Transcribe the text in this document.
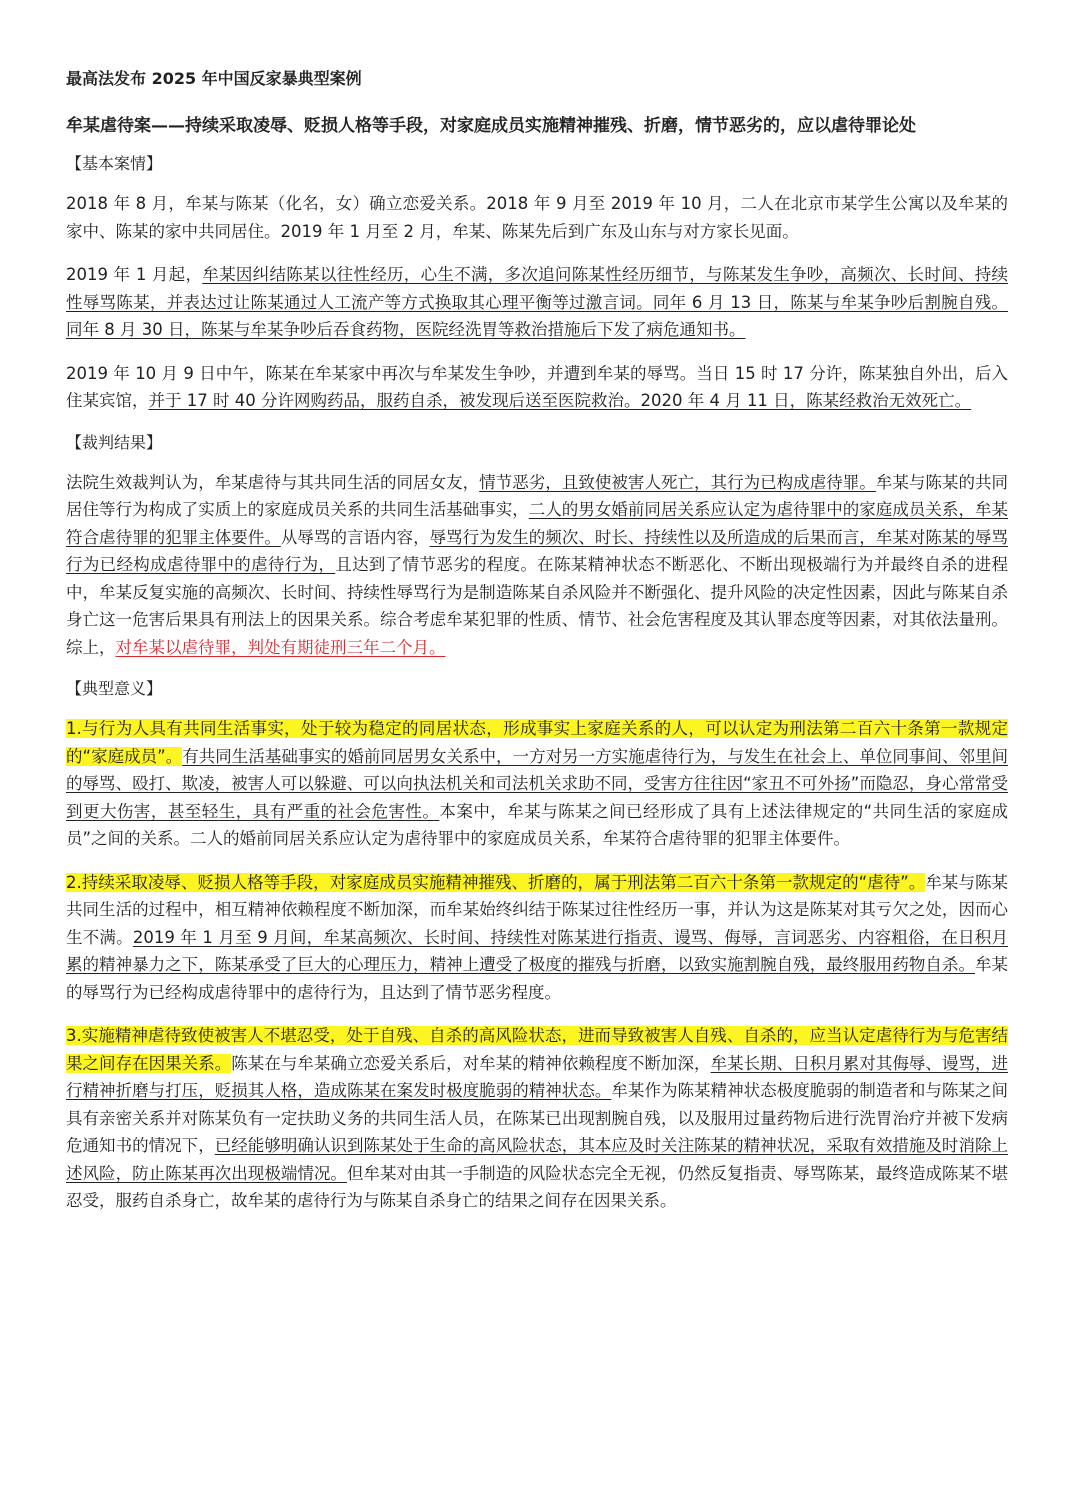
最高法发布 2025 年中国反家暴典型案例
牟某虐待案——持续采取凌辱、贬损人格等手段，对家庭成员实施精神摧残、折磨，情节恶劣的，应以虐待罪论处
【基本案情】

2018 年 8 月，牟某与陈某（化名，女）确立恋爱关系。2018 年 9 月至 2019 年 10 月，二人在北京市某学生公寓以及牟某的家中、陈某的家中共同居住。2019 年 1 月至 2 月，牟某、陈某先后到广东及山东与对方家长见面。

2019 年 1 月起，牟某因纠结陈某以往性经历，心生不满，多次追问陈某性经历细节，与陈某发生争吵，高频次、长时间、持续性辱骂陈某，并表达过让陈某通过人工流产等方式换取其心理平衡等过激言词。同年 6 月 13 日，陈某与牟某争吵后割腕自残。同年 8 月 30 日，陈某与牟某争吵后吞食药物，医院经洗胃等救治措施后下发了病危通知书。

2019 年 10 月 9 日中午，陈某在牟某家中再次与牟某发生争吵，并遭到牟某的辱骂。当日 15 时 17 分许，陈某独自外出，后入住某宾馆，并于 17 时 40 分许网购药品，服药自杀，被发现后送至医院救治。2020 年 4 月 11 日，陈某经救治无效死亡。

【裁判结果】

法院生效裁判认为，牟某虐待与其共同生活的同居女友，情节恶劣，且致使被害人死亡，其行为已构成虐待罪。牟某与陈某的共同居住等行为构成了实质上的家庭成员关系的共同生活基础事实，二人的男女婚前同居关系应认定为虐待罪中的家庭成员关系，牟某符合虐待罪的犯罪主体要件。从辱骂的言语内容，辱骂行为发生的频次、时长、持续性以及所造成的后果而言，牟某对陈某的辱骂行为已经构成虐待罪中的虐待行为，且达到了情节恶劣的程度。在陈某精神状态不断恶化、不断出现极端行为并最终自杀的进程中，牟某反复实施的高频次、长时间、持续性辱骂行为是制造陈某自杀风险并不断强化、提升风险的决定性因素，因此与陈某自杀身亡这一危害后果具有刑法上的因果关系。综合考虑牟某犯罪的性质、情节、社会危害程度及其认罪态度等因素，对其依法量刑。综上，对牟某以虐待罪，判处有期徒刑三年二个月。

【典型意义】

1.与行为人具有共同生活事实，处于较为稳定的同居状态，形成事实上家庭关系的人，可以认定为刑法第二百六十条第一款规定的“家庭成员”。有共同生活基础事实的婚前同居男女关系中，一方对另一方实施虐待行为，与发生在社会上、单位同事间、邻里间的辱骂、殴打、欺凌，被害人可以躲避、可以向执法机关和司法机关求助不同，受害方往往因“家丑不可外扬”而隐忍，身心常常受到更大伤害，甚至轻生，具有严重的社会危害性。本案中，牟某与陈某之间已经形成了具有上述法律规定的“共同生活的家庭成员”之间的关系。二人的婚前同居关系应认定为虐待罪中的家庭成员关系，牟某符合虐待罪的犯罪主体要件。

2.持续采取凌辱、贬损人格等手段，对家庭成员实施精神摧残、折磨的，属于刑法第二百六十条第一款规定的“虐待”。牟某与陈某共同生活的过程中，相互精神依赖程度不断加深，而牟某始终纠结于陈某过往性经历一事，并认为这是陈某对其亏欠之处，因而心生不满。2019 年 1 月至 9 月间，牟某高频次、长时间、持续性对陈某进行指责、谩骂、侮辱，言词恶劣、内容粗俗，在日积月累的精神暴力之下，陈某承受了巨大的心理压力，精神上遭受了极度的摧残与折磨，以致实施割腕自残，最终服用药物自杀。牟某的辱骂行为已经构成虐待罪中的虐待行为，且达到了情节恶劣程度。

3.实施精神虐待致使被害人不堪忍受，处于自残、自杀的高风险状态，进而导致被害人自残、自杀的，应当认定虐待行为与危害结果之间存在因果关系。陈某在与牟某确立恋爱关系后，对牟某的精神依赖程度不断加深，牟某长期、日积月累对其侮辱、谩骂，进行精神折磨与打压，贬损其人格，造成陈某在案发时极度脆弱的精神状态。牟某作为陈某精神状态极度脆弱的制造者和与陈某之间具有亲密关系并对陈某负有一定扶助义务的共同生活人员，在陈某已出现割腕自残，以及服用过量药物后进行洗胃治疗并被下发病危通知书的情况下，已经能够明确认识到陈某处于生命的高风险状态，其本应及时关注陈某的精神状况，采取有效措施及时消除上述风险，防止陈某再次出现极端情况。但牟某对由其一手制造的风险状态完全无视，仍然反复指责、辱骂陈某，最终造成陈某不堪忍受，服药自杀身亡，故牟某的虐待行为与陈某自杀身亡的结果之间存在因果关系。
